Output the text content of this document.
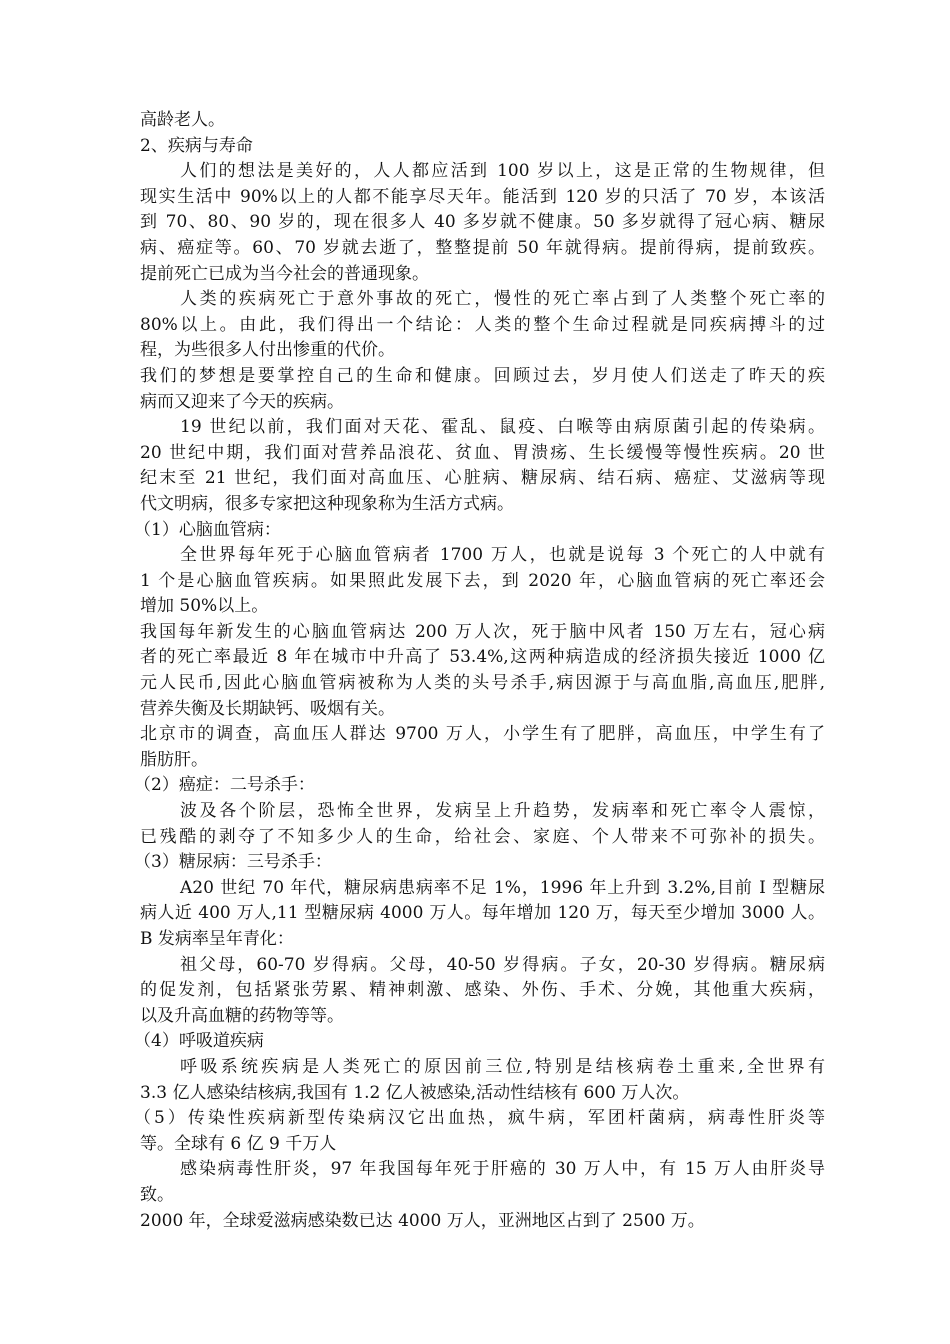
高龄老人。
2、疾病与寿命
人们的想法是美好的，人人都应活到 100 岁以上，这是正常的生物规律，但
现实生活中 90%以上的人都不能享尽天年。能活到 120 岁的只活了 70 岁，本该活
到 70、80、90 岁的，现在很多人 40 多岁就不健康。50 多岁就得了冠心病、糖尿
病、癌症等。60、70 岁就去逝了，整整提前 50 年就得病。提前得病，提前致疾。
提前死亡已成为当今社会的普通现象。
人类的疾病死亡于意外事故的死亡，慢性的死亡率占到了人类整个死亡率的
80%以上。由此，我们得出一个结论：人类的整个生命过程就是同疾病搏斗的过
程，为些很多人付出惨重的代价。
我们的梦想是要掌控自己的生命和健康。回顾过去，岁月使人们送走了昨天的疾
病而又迎来了今天的疾病。
19 世纪以前，我们面对天花、霍乱、鼠疫、白喉等由病原菌引起的传染病。
20 世纪中期，我们面对营养品浪花、贫血、胃溃疡、生长缓慢等慢性疾病。20 世
纪末至 21 世纪，我们面对高血压、心脏病、糖尿病、结石病、癌症、艾滋病等现
代文明病，很多专家把这种现象称为生活方式病。
（1）心脑血管病：
全世界每年死于心脑血管病者 1700 万人，也就是说每 3 个死亡的人中就有
1 个是心脑血管疾病。如果照此发展下去，到 2020 年，心脑血管病的死亡率还会
增加 50%以上。
我国每年新发生的心脑血管病达 200 万人次，死于脑中风者 150 万左右，冠心病
者的死亡率最近 8 年在城市中升高了 53.4%,这两种病造成的经济损失接近 1000 亿
元人民币,因此心脑血管病被称为人类的头号杀手,病因源于与高血脂,高血压,肥胖,
营养失衡及长期缺钙、吸烟有关。
北京市的调查，高血压人群达 9700 万人，小学生有了肥胖，高血压，中学生有了
脂肪肝。
（2）癌症：二号杀手：
波及各个阶层，恐怖全世界，发病呈上升趋势，发病率和死亡率令人震惊，
已残酷的剥夺了不知多少人的生命，给社会、家庭、个人带来不可弥补的损失。
（3）糖尿病：三号杀手：
A20 世纪 70 年代，糖尿病患病率不足 1%，1996 年上升到 3.2%,目前 I 型糖尿
病人近 400 万人,11 型糖尿病 4000 万人。每年增加 120 万，每天至少增加 3000 人。
B 发病率呈年青化：
祖父母，60-70 岁得病。父母，40-50 岁得病。子女，20-30 岁得病。糖尿病
的促发剂，包括紧张劳累、精神刺激、感染、外伤、手术、分娩，其他重大疾病，
以及升高血糖的药物等等。
（4）呼吸道疾病
呼吸系统疾病是人类死亡的原因前三位,特别是结核病卷土重来,全世界有
3.3 亿人感染结核病,我国有 1.2 亿人被感染,活动性结核有 600 万人次。
（5）传染性疾病新型传染病汉它出血热，疯牛病，军团杆菌病，病毒性肝炎等
等。全球有 6 亿 9 千万人
感染病毒性肝炎，97 年我国每年死于肝癌的 30 万人中，有 15 万人由肝炎导
致。
2000 年，全球爱滋病感染数已达 4000 万人，亚洲地区占到了 2500 万。
